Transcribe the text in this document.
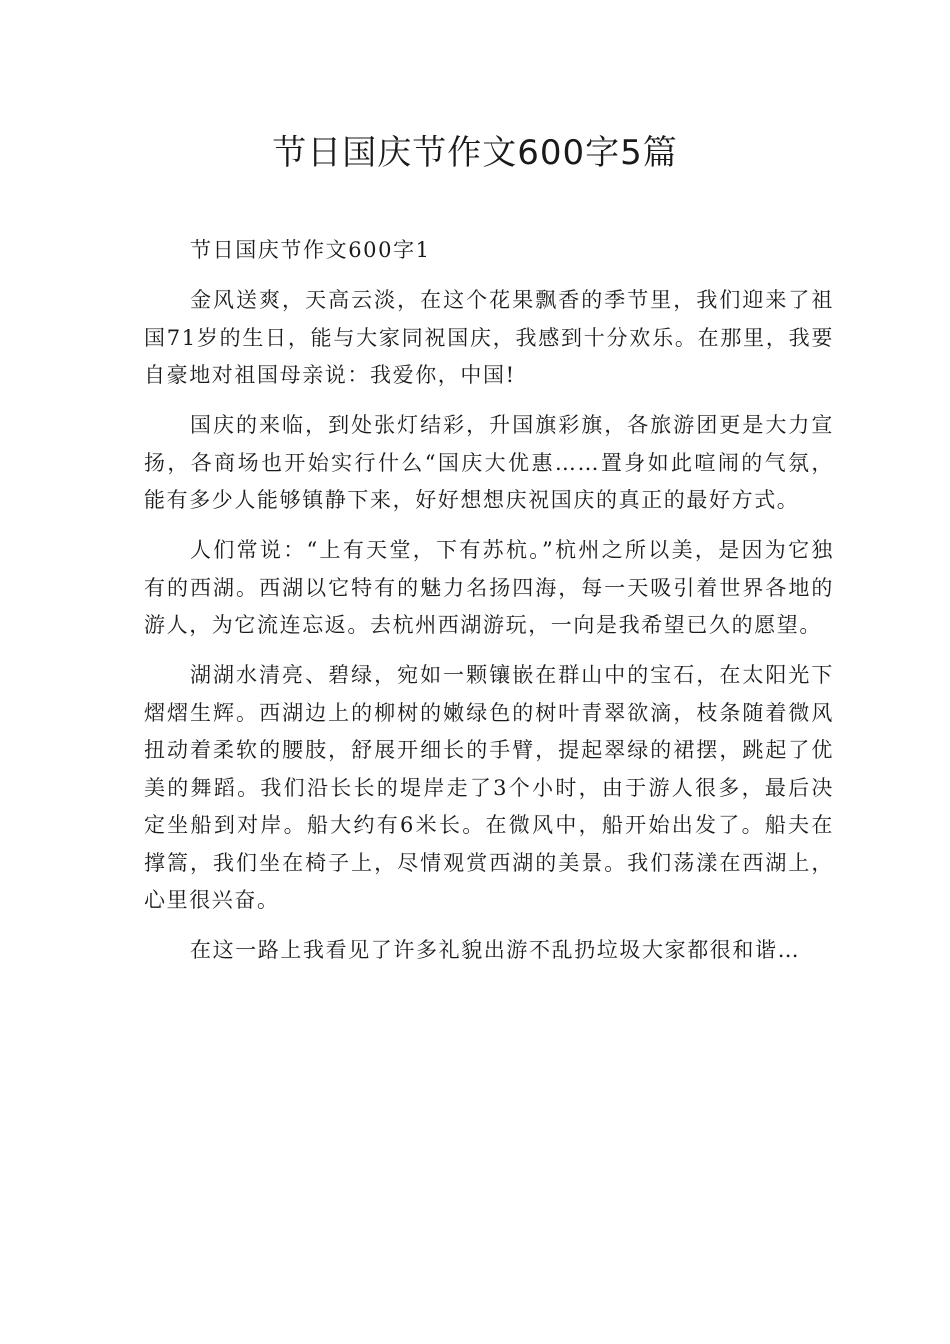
节日国庆节作文600字5篇

节日国庆节作文600字1

金风送爽，天高云淡，在这个花果飘香的季节里，我们迎来了祖国71岁的生日，能与大家同祝国庆，我感到十分欢乐。在那里，我要自豪地对祖国母亲说：我爱你，中国!

国庆的来临，到处张灯结彩，升国旗彩旗，各旅游团更是大力宣扬，各商场也开始实行什么“国庆大优惠……置身如此喧闹的气氛，能有多少人能够镇静下来，好好想想庆祝国庆的真正的最好方式。

人们常说：“上有天堂，下有苏杭。”杭州之所以美，是因为它独有的西湖。西湖以它特有的魅力名扬四海，每一天吸引着世界各地的游人，为它流连忘返。去杭州西湖游玩，一向是我希望已久的愿望。

湖湖水清亮、碧绿，宛如一颗镶嵌在群山中的宝石，在太阳光下熠熠生辉。西湖边上的柳树的嫩绿色的树叶青翠欲滴，枝条随着微风扭动着柔软的腰肢，舒展开细长的手臂，提起翠绿的裙摆，跳起了优美的舞蹈。我们沿长长的堤岸走了3个小时，由于游人很多，最后决定坐船到对岸。船大约有6米长。在微风中，船开始出发了。船夫在撑篙，我们坐在椅子上，尽情观赏西湖的美景。我们荡漾在西湖上，心里很兴奋。

在这一路上我看见了许多礼貌出游不乱扔垃圾大家都很和谐…
